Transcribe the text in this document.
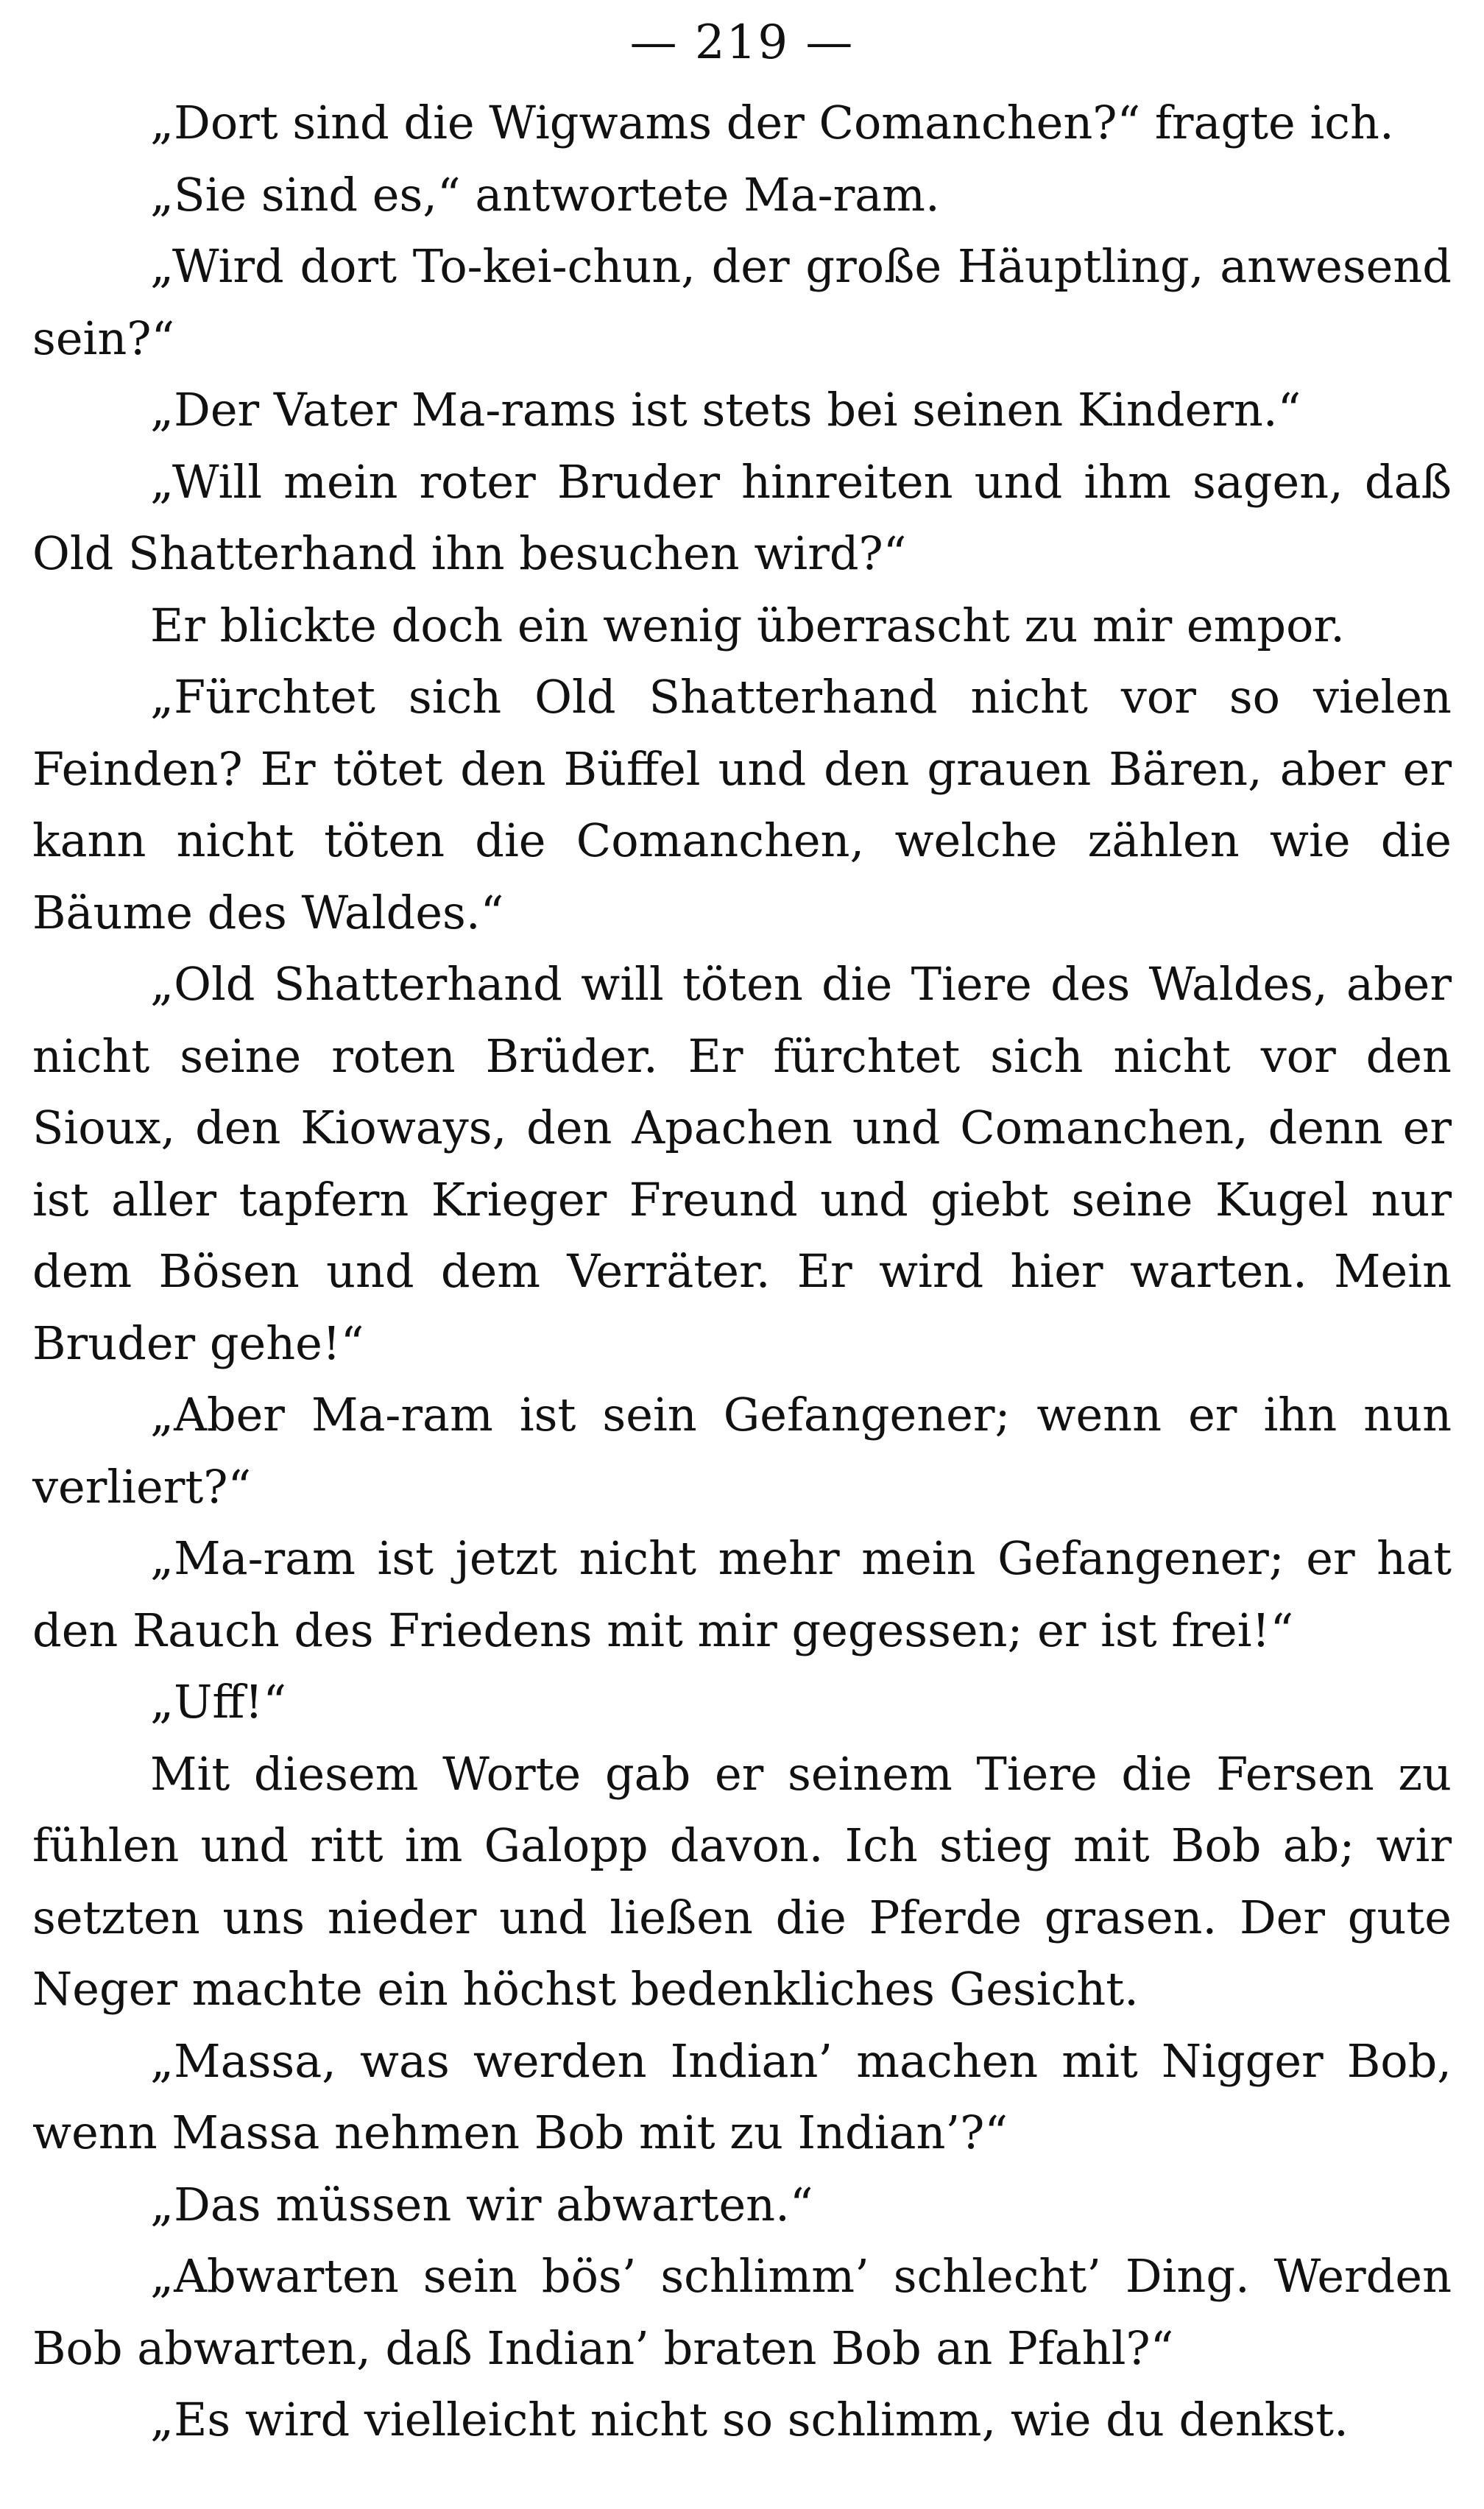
— 219 —

„Dort sind die Wigwams der Comanchen?“ fragte ich.

„Sie sind es,“ antwortete Ma-ram.

„Wird dort To-kei-chun, der große Häuptling, anwesend sein?“

„Der Vater Ma-rams ist stets bei seinen Kindern.“

„Will mein roter Bruder hinreiten und ihm sagen, daß Old Shatterhand ihn besuchen wird?“

Er blickte doch ein wenig überrascht zu mir empor.

„Fürchtet sich Old Shatterhand nicht vor so vielen Feinden? Er tötet den Büffel und den grauen Bären, aber er kann nicht töten die Comanchen, welche zählen wie die Bäume des Waldes.“

„Old Shatterhand will töten die Tiere des Waldes, aber nicht seine roten Brüder. Er fürchtet sich nicht vor den Sioux, den Kioways, den Apachen und Comanchen, denn er ist aller tapfern Krieger Freund und giebt seine Kugel nur dem Bösen und dem Verräter. Er wird hier warten. Mein Bruder gehe!“

„Aber Ma-ram ist sein Gefangener; wenn er ihn nun verliert?“

„Ma-ram ist jetzt nicht mehr mein Gefangener; er hat den Rauch des Friedens mit mir gegessen; er ist frei!“

„Uff!“

Mit diesem Worte gab er seinem Tiere die Fersen zu fühlen und ritt im Galopp davon. Ich stieg mit Bob ab; wir setzten uns nieder und ließen die Pferde grasen. Der gute Neger machte ein höchst bedenkliches Gesicht.

„Massa, was werden Indian’ machen mit Nigger Bob, wenn Massa nehmen Bob mit zu Indian’?“

„Das müssen wir abwarten.“

„Abwarten sein bös’ schlimm’ schlecht’ Ding. Werden Bob abwarten, daß Indian’ braten Bob an Pfahl?“

„Es wird vielleicht nicht so schlimm, wie du denkst.
